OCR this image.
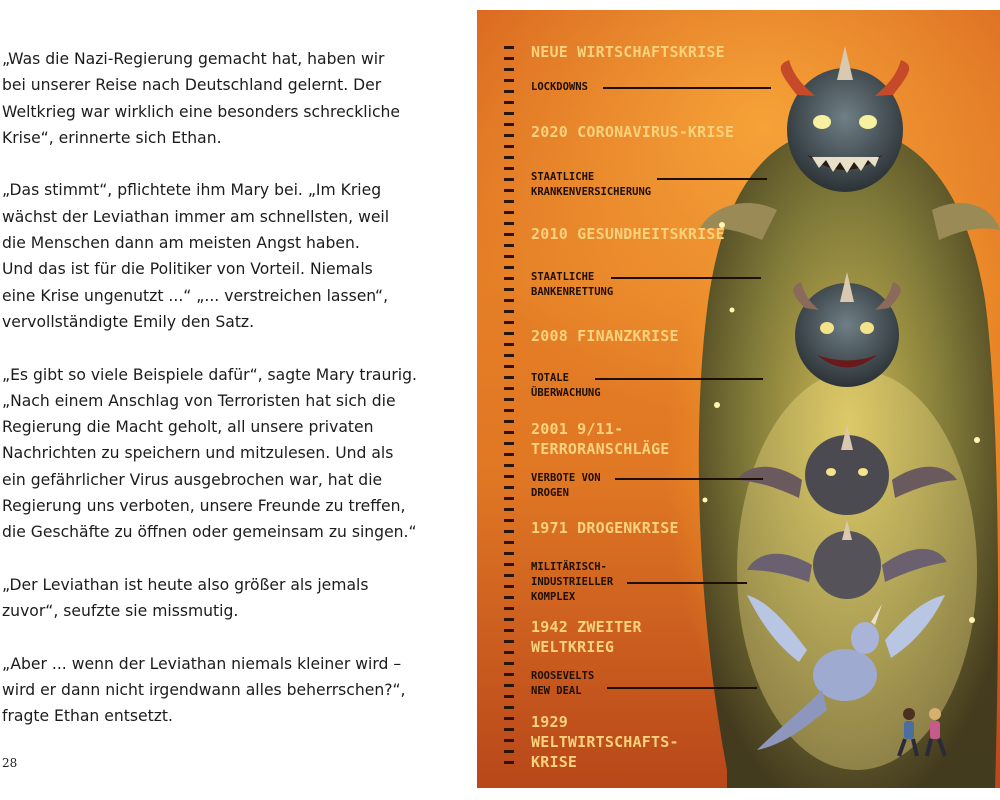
„Was die Nazi-Regierung gemacht hat, haben wir
bei unserer Reise nach Deutschland gelernt. Der
Weltkrieg war wirklich eine besonders schreckliche
Krise“, erinnerte sich Ethan.

„Das stimmt“, pflichtete ihm Mary bei. „Im Krieg
wächst der Leviathan immer am schnellsten, weil
die Menschen dann am meisten Angst haben.
Und das ist für die Politiker von Vorteil. Niemals
eine Krise ungenutzt ...“ „... verstreichen lassen“,
vervollständigte Emily den Satz.

„Es gibt so viele Beispiele dafür“, sagte Mary traurig.
„Nach einem Anschlag von Terroristen hat sich die
Regierung die Macht geholt, all unsere privaten
Nachrichten zu speichern und mitzulesen. Und als
ein gefährlicher Virus ausgebrochen war, hat die
Regierung uns verboten, unsere Freunde zu treffen,
die Geschäfte zu öffnen oder gemeinsam zu singen.“

„Der Leviathan ist heute also größer als jemals
zuvor“, seufzte sie missmutig.

„Aber ... wenn der Leviathan niemals kleiner wird –
wird er dann nicht irgendwann alles beherrschen?“,
fragte Ethan entsetzt.

28
NEUE WIRTSCHAFTSKRISE
2020 CORONAVIRUS-KRISE
2010 GESUNDHEITSKRISE
2008 FINANZKRISE
2001 9/11-
TERRORANSCHLÄGE
1971 DROGENKRISE
1942 ZWEITER
WELTKRIEG
1929
WELTWIRTSCHAFTS-
KRISE
LOCKDOWNS
STAATLICHE
KRANKENVERSICHERUNG
STAATLICHE
BANKENRETTUNG
TOTALE
ÜBERWACHUNG
VERBOTE VON
DROGEN
MILITÄRISCH-
INDUSTRIELLER
KOMPLEX
ROOSEVELTS
NEW DEAL
